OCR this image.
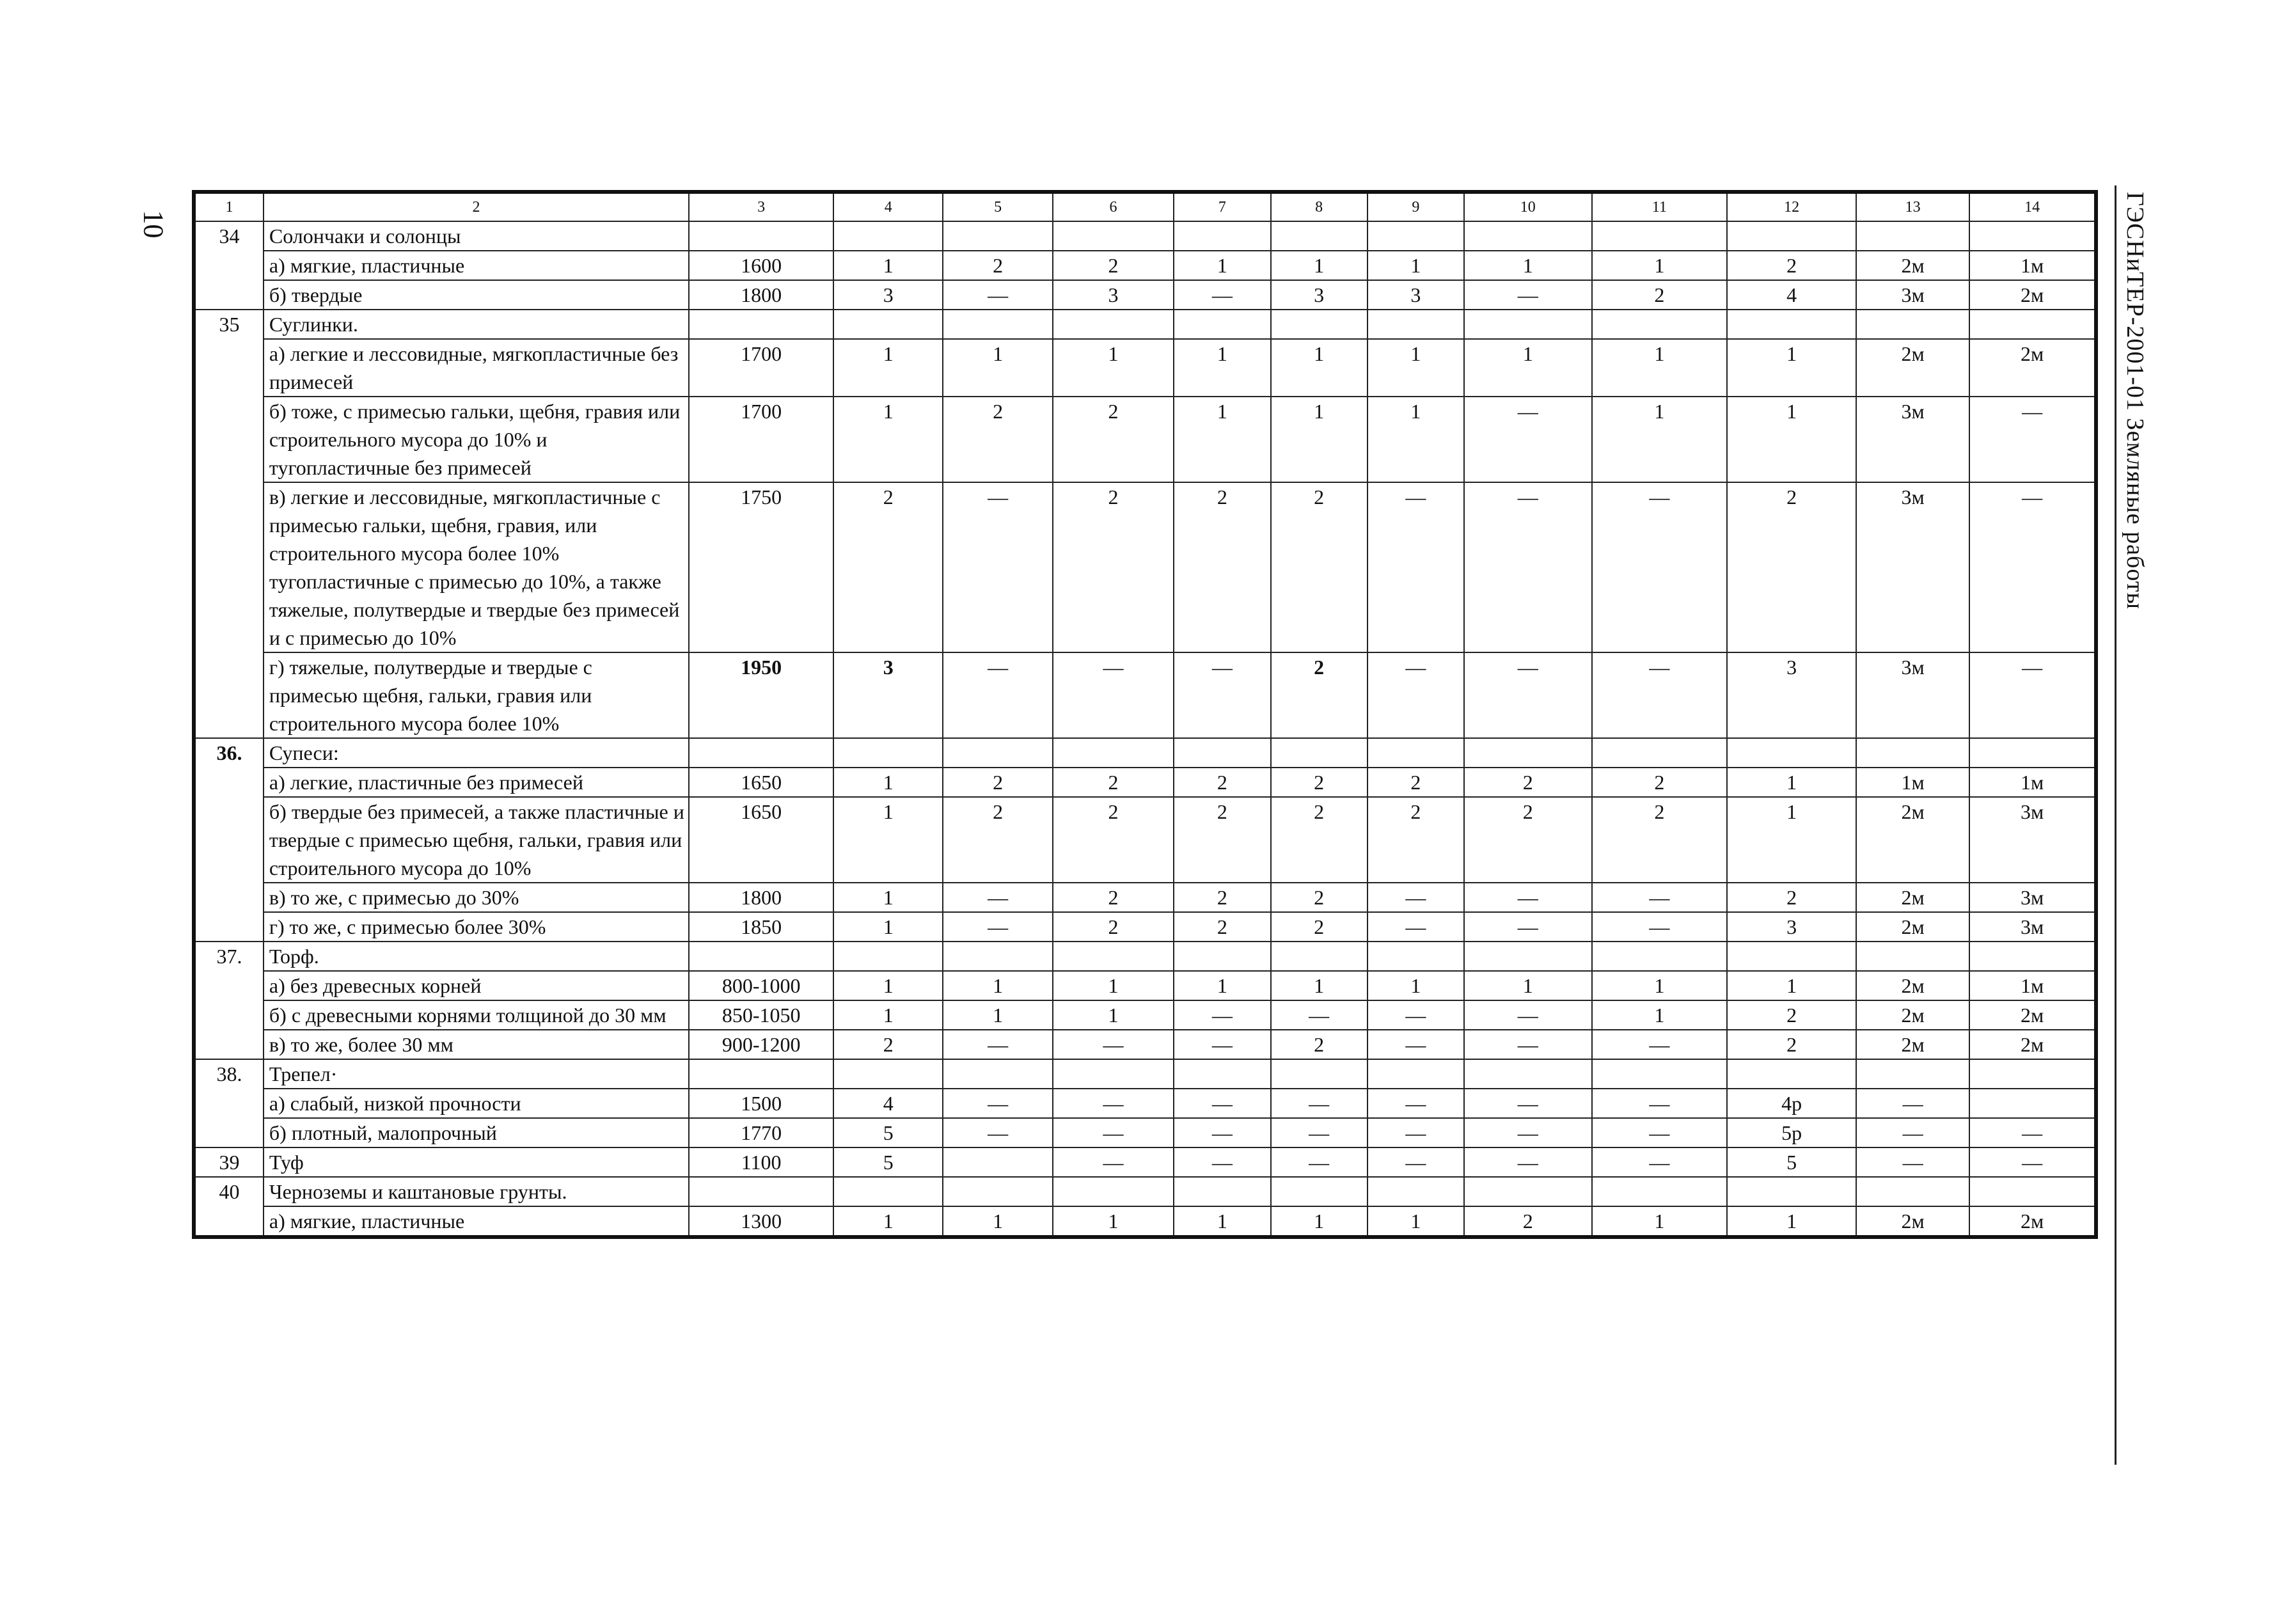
10	ГЭСНиТЕР-2001-01 Земляные работы
1	2	3	4	5	6	7	8	9	10	11	12	13	14
34	Солончаки и солонцы												
	а) мягкие, пластичные	1600	1	2	2	1	1	1	1	1	2	2м	1м
	б) твердые	1800	3	—	3	—	3	3	—	2	4	3м	2м
35	Суглинки.												
	а) легкие и лессовидные, мягкопластичные без примесей	1700	1	1	1	1	1	1	1	1	1	2м	2м
	б) тоже, с примесью гальки, щебня, гравия или строительного мусора до 10% и тугопластичные без примесей	1700	1	2	2	1	1	1	—	1	1	3м	—
	в) легкие и лессовидные, мягкопластичные с примесью гальки, щебня, гравия, или строительного мусора более 10% тугопластичные с примесью до 10%, а также тяжелые, полутвердые и твердые без примесей и с примесью до 10%	1750	2	—	2	2	2	—	—	—	2	3м	—
	г) тяжелые, полутвердые и твердые с примесью щебня, гальки, гравия или строительного мусора более 10%	1950	3	—	—	—	2	—	—	—	3	3м	—
36.	Супеси:												
	а) легкие, пластичные без примесей	1650	1	2	2	2	2	2	2	2	1	1м	1м
	б) твердые без примесей, а также пластичные и твердые с примесью щебня, гальки, гравия или строительного мусора до 10%	1650	1	2	2	2	2	2	2	2	1	2м	3м
	в) то же, с примесью до 30%	1800	1	—	2	2	2	—	—	—	2	2м	3м
	г) то же, с примесью более 30%	1850	1	—	2	2	2	—	—	—	3	2м	3м
37.	Торф.												
	а) без древесных корней	800-1000	1	1	1	1	1	1	1	1	1	2м	1м
	б) с древесными корнями толщиной до 30 мм	850-1050	1	1	1	—	—	—	—	1	2	2м	2м
	в) то же, более 30 мм	900-1200	2	—	—	—	2	—	—	—	2	2м	2м
38.	Трепел·												
	а) слабый, низкой прочности	1500	4	—	—	—	—	—	—	—	4р	—	
	б) плотный, малопрочный	1770	5	—	—	—	—	—	—	—	5р	—	—
39	Туф	1100	5		—	—	—	—	—	—	5	—	—
40	Черноземы и каштановые грунты.												
	а) мягкие, пластичные	1300	1	1	1	1	1	1	2	1	1	2м	2м
